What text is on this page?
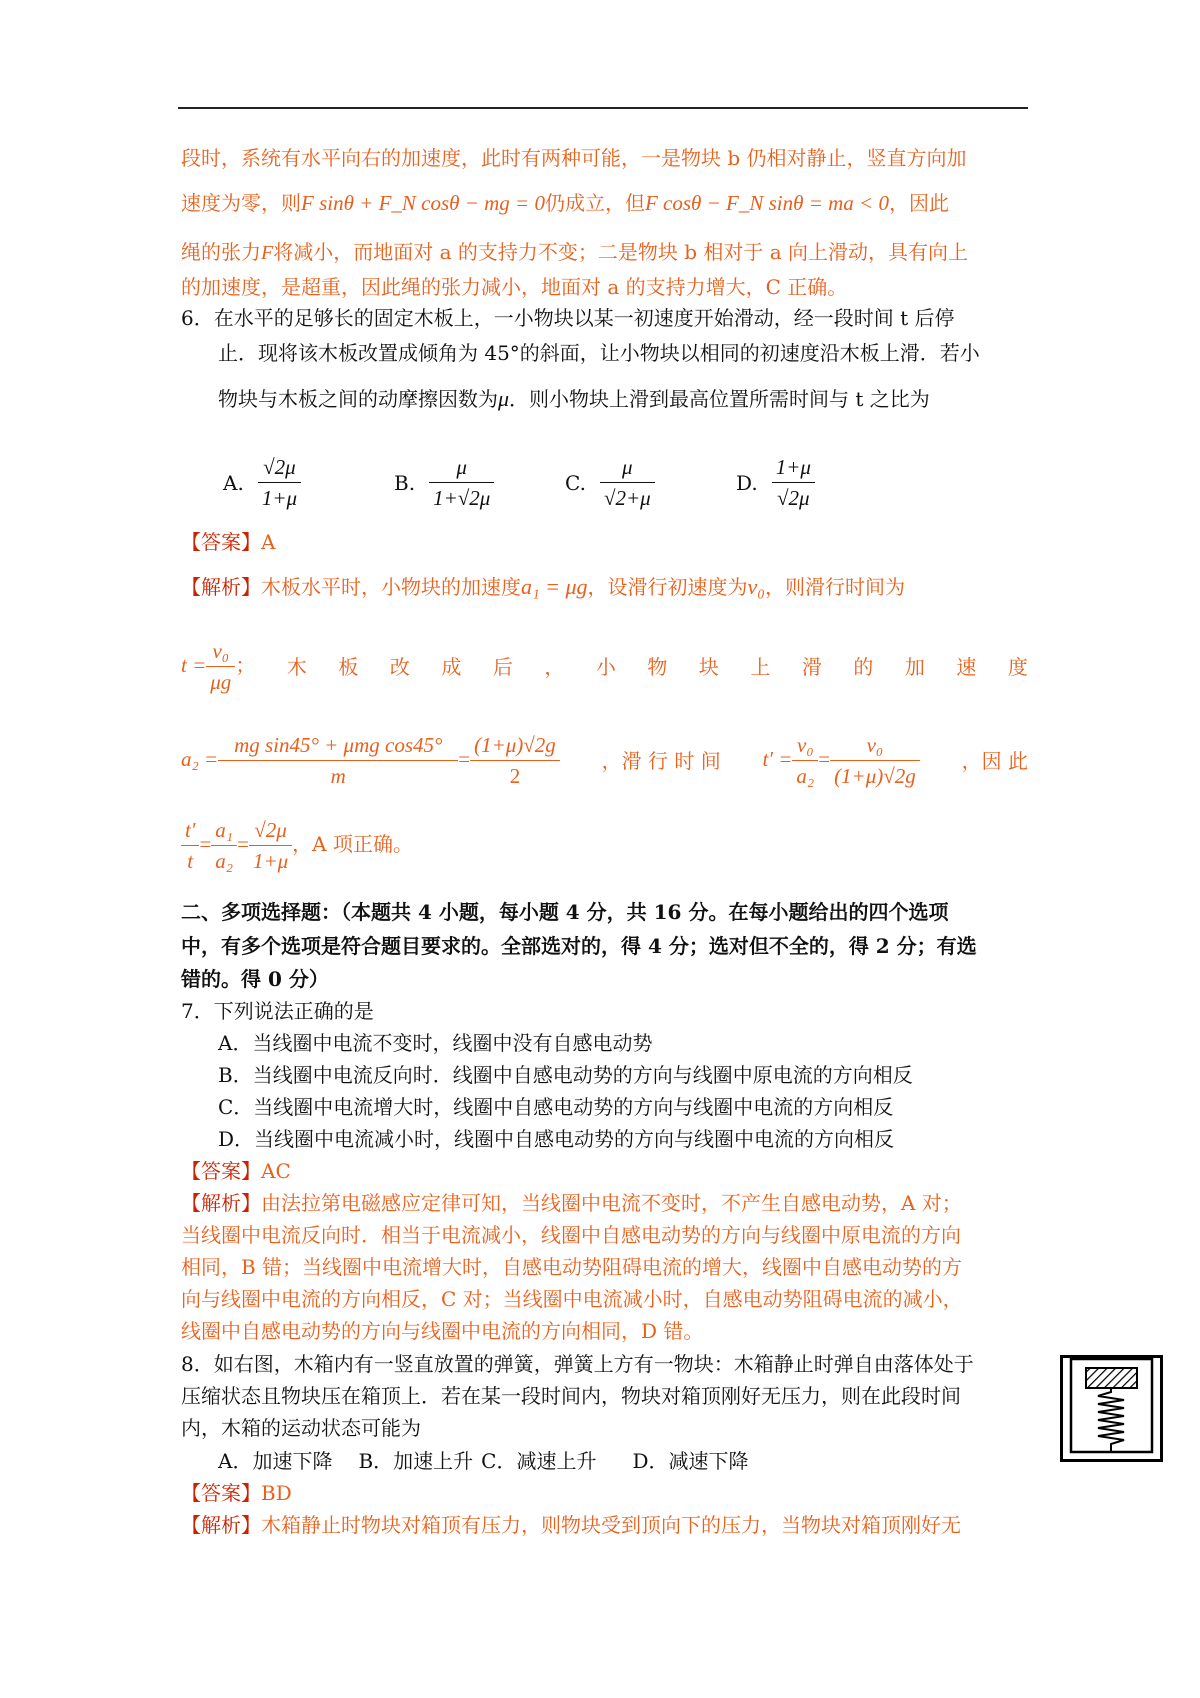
段时，系统有水平向右的加速度，此时有两种可能，一是物块 b 仍相对静止，竖直方向加
速度为零，则F sinθ + F_N cosθ − mg = 0仍成立，但F cosθ − F_N sinθ = ma < 0，因此
绳的张力F将减小，而地面对 a 的支持力不变；二是物块 b 相对于 a 向上滑动，具有向上
的加速度，是超重，因此绳的张力减小，地面对 a 的支持力增大，C 正确。
6．在水平的足够长的固定木板上，一小物块以某一初速度开始滑动，经一段时间 t 后停
止．现将该木板改置成倾角为 45°的斜面，让小物块以相同的初速度沿木板上滑．若小
物块与木板之间的动摩擦因数为μ．则小物块上滑到最高位置所需时间与 t 之比为
A. $\frac{√2\mu}{1+\mu}$	B. $\frac{\mu}{1+√2\mu}$	C. $\frac{\mu}{√2+\mu}$	D. $\frac{1+\mu}{√2\mu}$
【答案】A
【解析】木板水平时，小物块的加速度a₁ = μg，设滑行初速度为v₀，则滑行时间为
$t = \frac{\text{v₀}}{\mu g}$ ； 木 板 改 成 后 ， 小 物 块 上 滑 的 加 速 度
$a_2 = \frac{\text{mg sin45° + μmg cos45°}}{m} = \frac{(1+\mu)√2g}{2}$ ，滑 行 时 间 $t' = \frac{\text{v₀}}{\text{a₂}} = \frac{\text{v₀}}{(1+\mu)√2g}$ ，因 此
$\frac{t'}{t} = \frac{\text{a₁}}{\text{a₂}} = \frac{√2\mu}{1+\mu}$ ，A 项正确。
二、多项选择题：（本题共 4 小题，每小题 4 分，共 16 分。在每小题给出的四个选项
中，有多个选项是符合题目要求的。全部选对的，得 4 分；选对但不全的，得 2 分；有选
错的。得 0 分）
7．下列说法正确的是
A．当线圈中电流不变时，线圈中没有自感电动势
B．当线圈中电流反向时．线圈中自感电动势的方向与线圈中原电流的方向相反
C．当线圈中电流增大时，线圈中自感电动势的方向与线圈中电流的方向相反
D．当线圈中电流减小时，线圈中自感电动势的方向与线圈中电流的方向相反
【答案】AC
【解析】由法拉第电磁感应定律可知，当线圈中电流不变时，不产生自感电动势，A 对；
当线圈中电流反向时．相当于电流减小，线圈中自感电动势的方向与线圈中原电流的方向
相同，B 错；当线圈中电流增大时，自感电动势阻碍电流的增大，线圈中自感电动势的方
向与线圈中电流的方向相反，C 对；当线圈中电流减小时，自感电动势阻碍电流的减小，
线圈中自感电动势的方向与线圈中电流的方向相同，D 错。
8．如右图，木箱内有一竖直放置的弹簧，弹簧上方有一物块：木箱静止时弹自由落体处于
压缩状态且物块压在箱顶上．若在某一段时间内，物块对箱顶刚好无压力，则在此段时间
内，木箱的运动状态可能为
A．加速下降 B．加速上升 C．减速上升 D．减速下降
【答案】BD
【解析】木箱静止时物块对箱顶有压力，则物块受到顶向下的压力，当物块对箱顶刚好无
